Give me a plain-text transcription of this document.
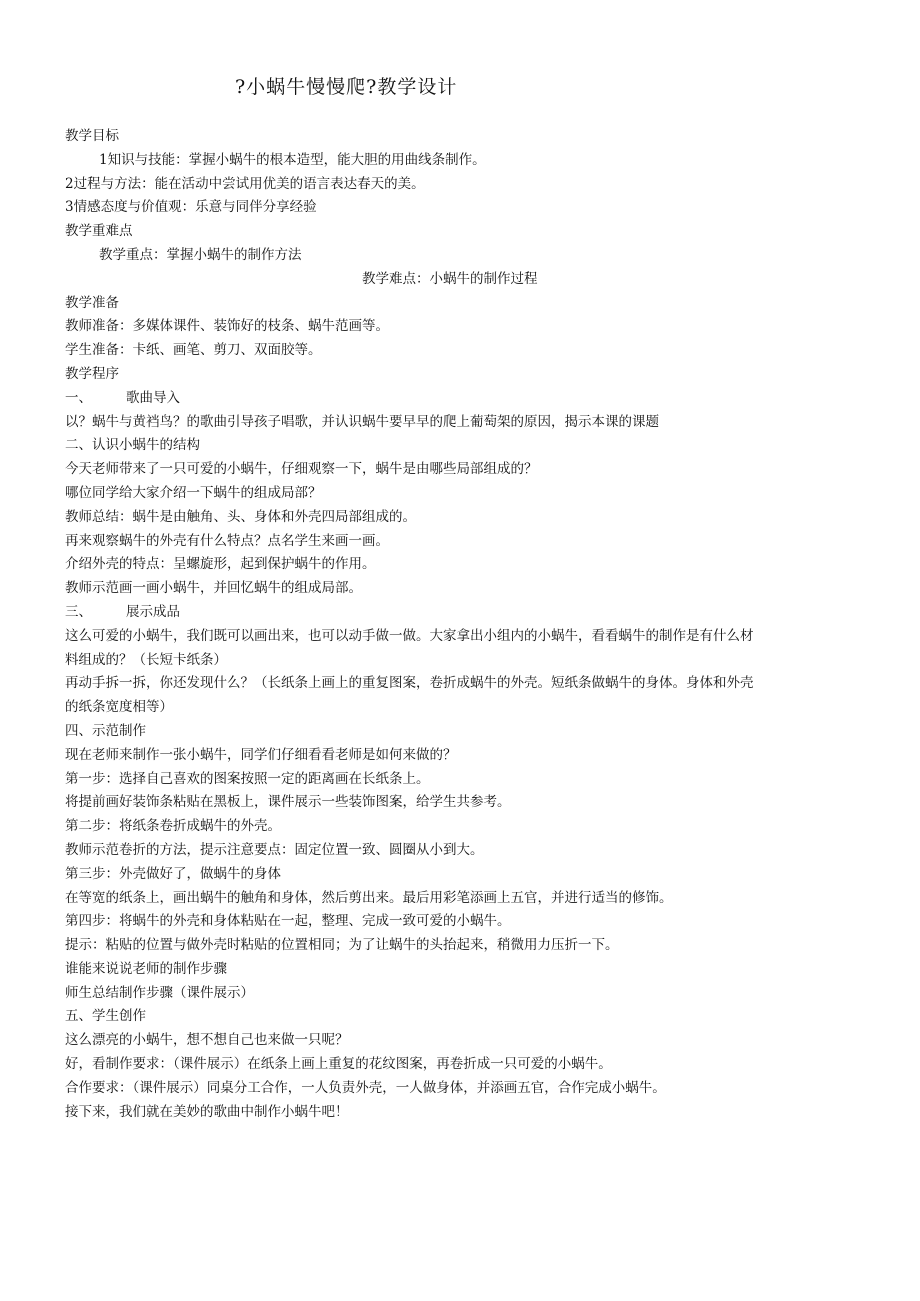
?小蜗牛慢慢爬?教学设计
教学目标
1知识与技能：掌握小蜗牛的根本造型，能大胆的用曲线条制作。
2过程与方法：能在活动中尝试用优美的语言表达春天的美。
3情感态度与价值观：乐意与同伴分享经验
教学重难点
教学重点：掌握小蜗牛的制作方法
教学难点：小蜗牛的制作过程
教学准备
教师准备：多媒体课件、装饰好的枝条、蜗牛范画等。
学生准备：卡纸、画笔、剪刀、双面胶等。
教学程序
一、	歌曲导入
以？蜗牛与黄裆鸟？的歌曲引导孩子唱歌，并认识蜗牛要早早的爬上葡萄架的原因，揭示本课的课题
二、认识小蜗牛的结构
今天老师带来了一只可爱的小蜗牛，仔细观察一下，蜗牛是由哪些局部组成的？
哪位同学给大家介绍一下蜗牛的组成局部？
教师总结：蜗牛是由触角、头、身体和外壳四局部组成的。
再来观察蜗牛的外壳有什么特点？点名学生来画一画。
介绍外壳的特点：呈螺旋形，起到保护蜗牛的作用。
教师示范画一画小蜗牛，并回忆蜗牛的组成局部。
三、	展示成品
这么可爱的小蜗牛，我们既可以画出来，也可以动手做一做。大家拿出小组内的小蜗牛，看看蜗牛的制作是有什么材
料组成的？（长短卡纸条）
再动手拆一拆，你还发现什么？（长纸条上画上的重复图案，卷折成蜗牛的外壳。短纸条做蜗牛的身体。身体和外壳
的纸条宽度相等）
四、示范制作
现在老师来制作一张小蜗牛，同学们仔细看看老师是如何来做的？
第一步：选择自己喜欢的图案按照一定的距离画在长纸条上。
将提前画好装饰条粘贴在黑板上，课件展示一些装饰图案，给学生共参考。
第二步：将纸条卷折成蜗牛的外壳。
教师示范卷折的方法，提示注意要点：固定位置一致、圆圈从小到大。
第三步：外壳做好了，做蜗牛的身体
在等宽的纸条上，画出蜗牛的触角和身体，然后剪出来。最后用彩笔添画上五官，并进行适当的修饰。
第四步：将蜗牛的外壳和身体粘贴在一起，整理、完成一致可爱的小蜗牛。
提示：粘贴的位置与做外壳时粘贴的位置相同；为了让蜗牛的头抬起来，稍微用力压折一下。
谁能来说说老师的制作步骤
师生总结制作步骤（课件展示）
五、学生创作
这么漂亮的小蜗牛，想不想自己也来做一只呢？
好，看制作要求：（课件展示）在纸条上画上重复的花纹图案，再卷折成一只可爱的小蜗牛。
合作要求：（课件展示）同桌分工合作，一人负责外壳，一人做身体，并添画五官，合作完成小蜗牛。
接下来，我们就在美妙的歌曲中制作小蜗牛吧！
